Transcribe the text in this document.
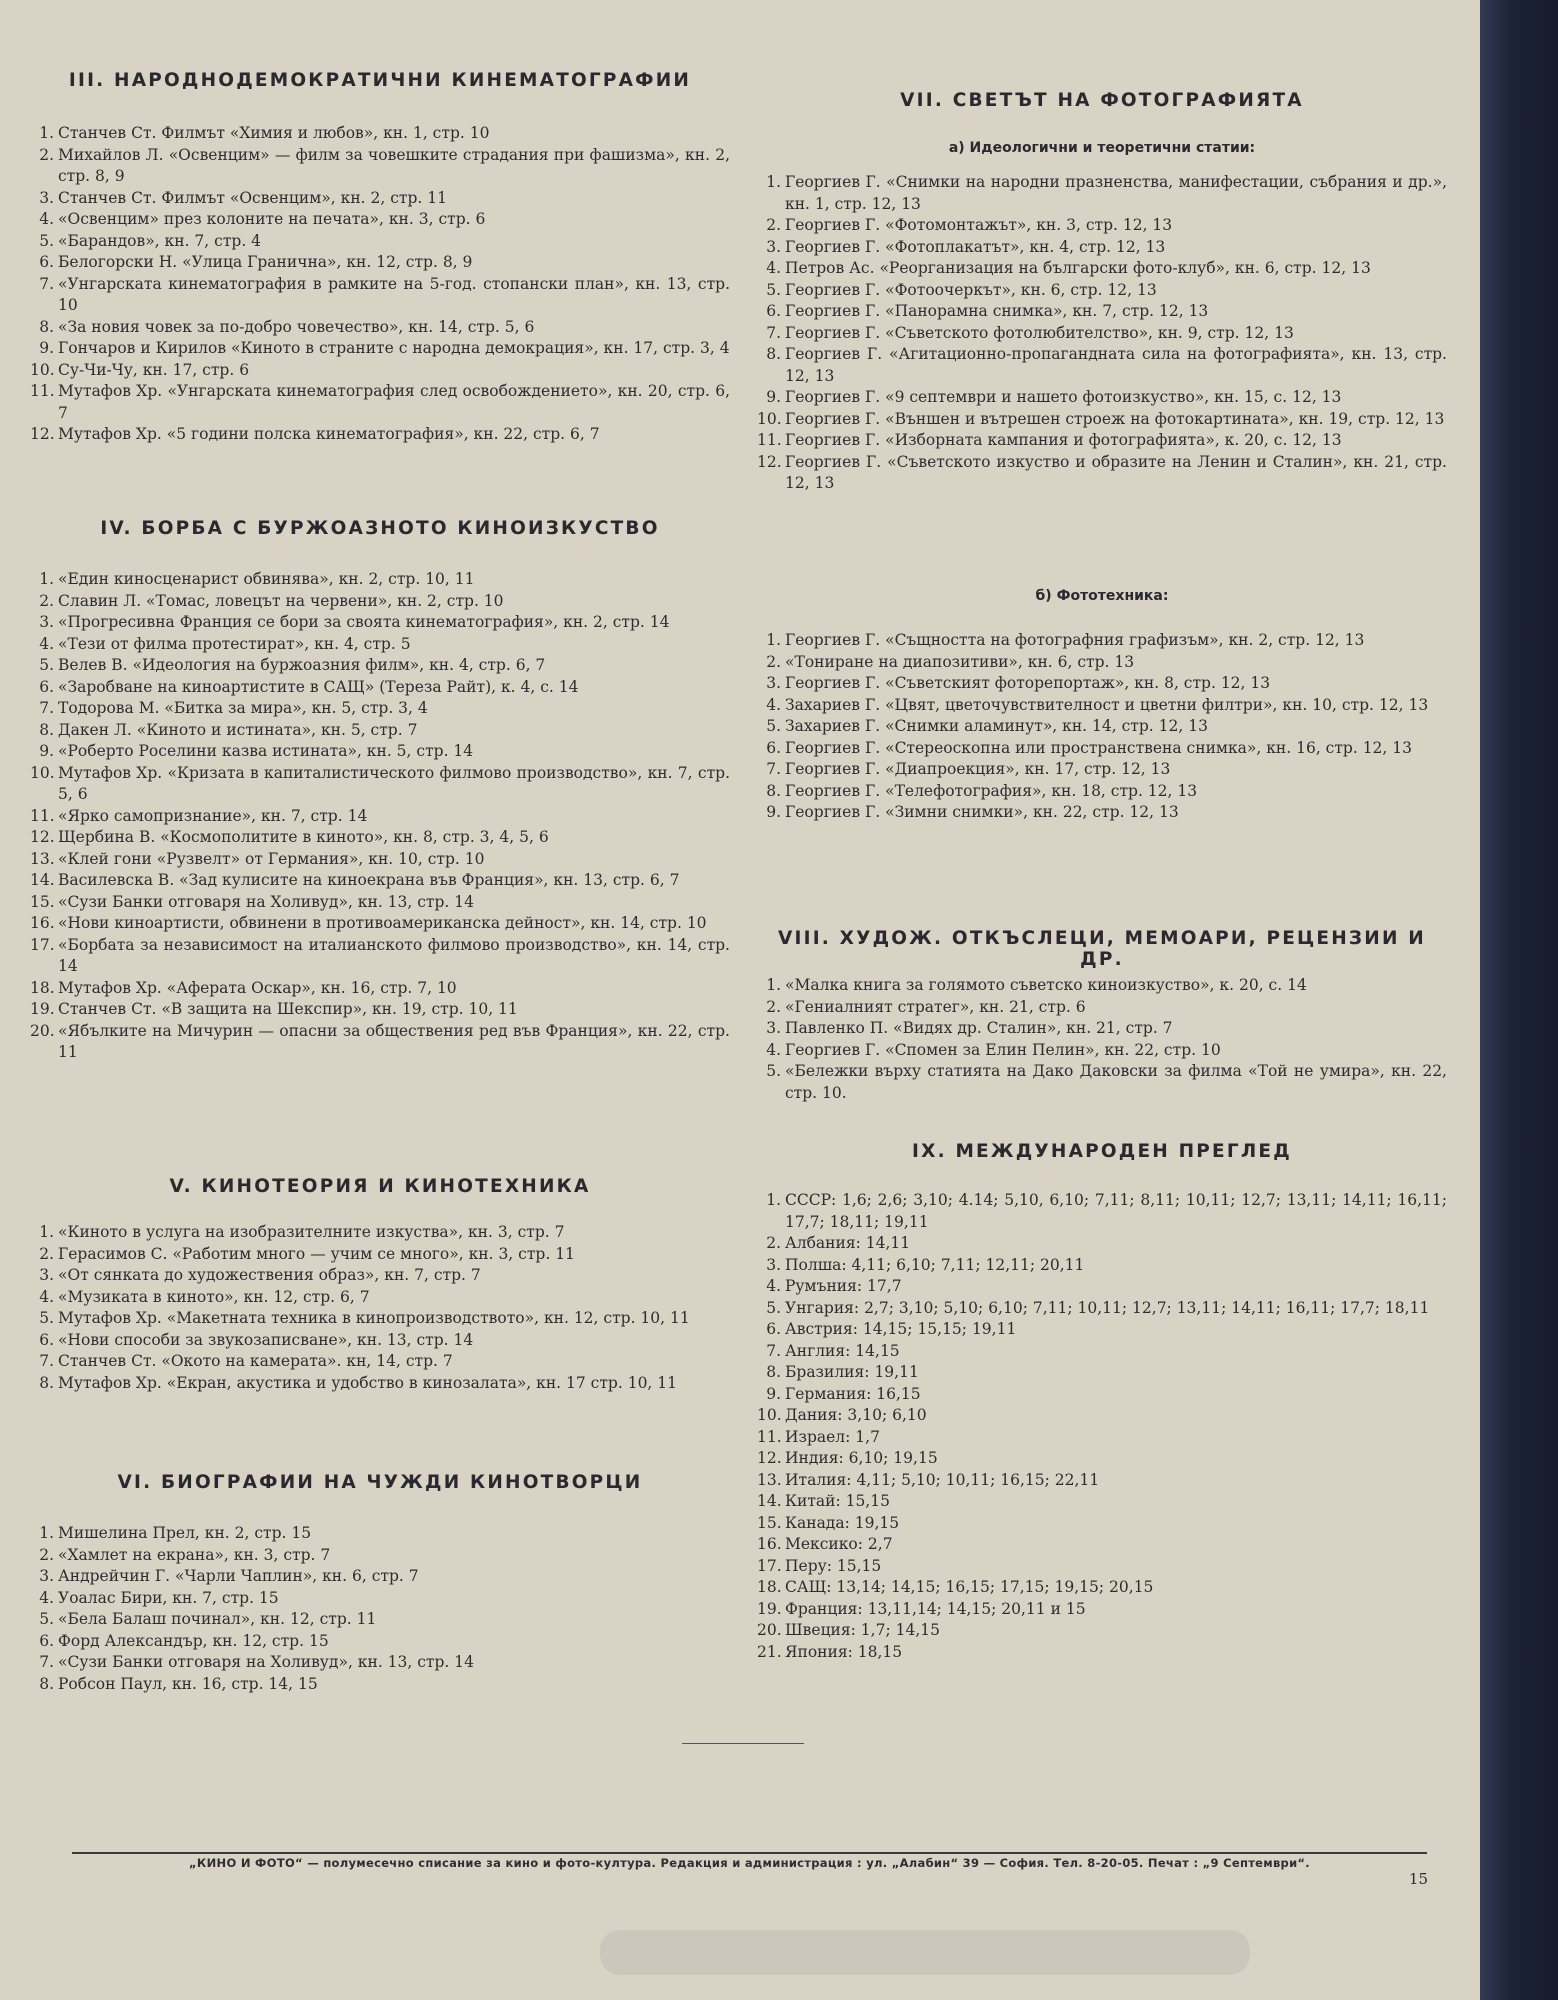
III. НАРОДНОДЕМОКРАТИЧНИ КИНЕМАТОГРАФИИ
1. Станчев Ст. Филмът «Химия и любов», кн. 1, стр. 10
2. Михайлов Л. «Освенцим» — филм за човешките страдания при фашизма», кн. 2, стр. 8, 9
3. Станчев Ст. Филмът «Освенцим», кн. 2, стр. 11
4. «Освенцим» през колоните на печата», кн. 3, стр. 6
5. «Барандов», кн. 7, стр. 4
6. Белогорски Н. «Улица Гранична», кн. 12, стр. 8, 9
7. «Унгарската кинематография в рамките на 5-год. стопански план», кн. 13, стр. 10
8. «За новия човек за по-добро човечество», кн. 14, стр. 5, 6
9. Гончаров и Кирилов «Киното в страните с народна демокрация», кн. 17, стр. 3, 4
10. Су-Чи-Чу, кн. 17, стр. 6
11. Мутафов Хр. «Унгарската кинематография след освобождението», кн. 20, стр. 6, 7
12. Мутафов Хр. «5 години полска кинематография», кн. 22, стр. 6, 7
IV. БОРБА С БУРЖОАЗНОТО КИНОИЗКУСТВО
1. «Един киносценарист обвинява», кн. 2, стр. 10, 11
2. Славин Л. «Томас, ловецът на червени», кн. 2, стр. 10
3. «Прогресивна Франция се бори за своята кинематография», кн. 2, стр. 14
4. «Тези от филма протестират», кн. 4, стр. 5
5. Велев В. «Идеология на буржоазния филм», кн. 4, стр. 6, 7
6. «Заробване на киноартистите в САЩ» (Тереза Райт), к. 4, с. 14
7. Тодорова М. «Битка за мира», кн. 5, стр. 3, 4
8. Дакен Л. «Киното и истината», кн. 5, стр. 7
9. «Роберто Роселини казва истината», кн. 5, стр. 14
10. Мутафов Хр. «Кризата в капиталистическото филмово производство», кн. 7, стр. 5, 6
11. «Ярко самопризнание», кн. 7, стр. 14
12. Щербина В. «Космополитите в киното», кн. 8, стр. 3, 4, 5, 6
13. «Клей гони «Рузвелт» от Германия», кн. 10, стр. 10
14. Василевска В. «Зад кулисите на киноекрана във Франция», кн. 13, стр. 6, 7
15. «Сузи Банки отговаря на Холивуд», кн. 13, стр. 14
16. «Нови киноартисти, обвинени в противоамериканска дейност», кн. 14, стр. 10
17. «Борбата за независимост на италианското филмово производство», кн. 14, стр. 14
18. Мутафов Хр. «Аферата Оскар», кн. 16, стр. 7, 10
19. Станчев Ст. «В защита на Шекспир», кн. 19, стр. 10, 11
20. «Ябълките на Мичурин — опасни за обществения ред във Франция», кн. 22, стр. 11
V. КИНОТЕОРИЯ И КИНОТЕХНИКА
1. «Киното в услуга на изобразителните изкуства», кн. 3, стр. 7
2. Герасимов С. «Работим много — учим се много», кн. 3, стр. 11
3. «От сянката до художествения образ», кн. 7, стр. 7
4. «Музиката в киното», кн. 12, стр. 6, 7
5. Мутафов Хр. «Макетната техника в кинопроизводството», кн. 12, стр. 10, 11
6. «Нови способи за звукозаписване», кн. 13, стр. 14
7. Станчев Ст. «Окото на камерата». кн, 14, стр. 7
8. Мутафов Хр. «Екран, акустика и удобство в кинозалата», кн. 17 стр. 10, 11
VI. БИОГРАФИИ НА ЧУЖДИ КИНОТВОРЦИ
1. Мишелина Прел, кн. 2, стр. 15
2. «Хамлет на екрана», кн. 3, стр. 7
3. Андрейчин Г. «Чарли Чаплин», кн. 6, стр. 7
4. Уоалас Бири, кн. 7, стр. 15
5. «Бела Балаш починал», кн. 12, стр. 11
6. Форд Александър, кн. 12, стр. 15
7. «Сузи Банки отговаря на Холивуд», кн. 13, стр. 14
8. Робсон Паул, кн. 16, стр. 14, 15
VII. СВЕТЪТ НА ФОТОГРАФИЯТА
а) Идеологични и теоретични статии:
1. Георгиев Г. «Снимки на народни празненства, манифестации, събрания и др.», кн. 1, стр. 12, 13
2. Георгиев Г. «Фотомонтажът», кн. 3, стр. 12, 13
3. Георгиев Г. «Фотоплакатът», кн. 4, стр. 12, 13
4. Петров Ас. «Реорганизация на български фото-клуб», кн. 6, стр. 12, 13
5. Георгиев Г. «Фотоочеркът», кн. 6, стр. 12, 13
6. Георгиев Г. «Панорамна снимка», кн. 7, стр. 12, 13
7. Георгиев Г. «Съветското фотолюбителство», кн. 9, стр. 12, 13
8. Георгиев Г. «Агитационно-пропагандната сила на фотографията», кн. 13, стр. 12, 13
9. Георгиев Г. «9 септември и нашето фотоизкуство», кн. 15, с. 12, 13
10. Георгиев Г. «Външен и вътрешен строеж на фотокартината», кн. 19, стр. 12, 13
11. Георгиев Г. «Изборната кампания и фотографията», к. 20, с. 12, 13
12. Георгиев Г. «Съветското изкуство и образите на Ленин и Сталин», кн. 21, стр. 12, 13
б) Фототехника:
1. Георгиев Г. «Същността на фотографния графизъм», кн. 2, стр. 12, 13
2. «Тониране на диапозитиви», кн. 6, стр. 13
3. Георгиев Г. «Съветският фоторепортаж», кн. 8, стр. 12, 13
4. Захариев Г. «Цвят, цветочувствителност и цветни филтри», кн. 10, стр. 12, 13
5. Захариев Г. «Снимки аламинут», кн. 14, стр. 12, 13
6. Георгиев Г. «Стереоскопна или пространствена снимка», кн. 16, стр. 12, 13
7. Георгиев Г. «Диапроекция», кн. 17, стр. 12, 13
8. Георгиев Г. «Телефотография», кн. 18, стр. 12, 13
9. Георгиев Г. «Зимни снимки», кн. 22, стр. 12, 13
VIII. ХУДОЖ. ОТКЪСЛЕЦИ, МЕМОАРИ, РЕЦЕНЗИИ И ДР.
1. «Малка книга за голямото съветско киноизкуство», к. 20, с. 14
2. «Гениалният стратег», кн. 21, стр. 6
3. Павленко П. «Видях др. Сталин», кн. 21, стр. 7
4. Георгиев Г. «Спомен за Елин Пелин», кн. 22, стр. 10
5. «Бележки върху статията на Дако Даковски за филма «Той не умира», кн. 22, стр. 10.
IX. МЕЖДУНАРОДЕН ПРЕГЛЕД
1. СССР: 1,6; 2,6; 3,10; 4.14; 5,10, 6,10; 7,11; 8,11; 10,11; 12,7; 13,11; 14,11; 16,11; 17,7; 18,11; 19,11
2. Албания: 14,11
3. Полша: 4,11; 6,10; 7,11; 12,11; 20,11
4. Румъния: 17,7
5. Унгария: 2,7; 3,10; 5,10; 6,10; 7,11; 10,11; 12,7; 13,11; 14,11; 16,11; 17,7; 18,11
6. Австрия: 14,15; 15,15; 19,11
7. Англия: 14,15
8. Бразилия: 19,11
9. Германия: 16,15
10. Дания: 3,10; 6,10
11. Израел: 1,7
12. Индия: 6,10; 19,15
13. Италия: 4,11; 5,10; 10,11; 16,15; 22,11
14. Китай: 15,15
15. Канада: 19,15
16. Мексико: 2,7
17. Перу: 15,15
18. САЩ: 13,14; 14,15; 16,15; 17,15; 19,15; 20,15
19. Франция: 13,11,14; 14,15; 20,11 и 15
20. Швеция: 1,7; 14,15
21. Япония: 18,15
„КИНО И ФОТО“ — полумесечно списание за кино и фото-култура. Редакция и администрация : ул. „Алабин“ 39 — София. Тел. 8-20-05. Печат : „9 Септември“.
15
